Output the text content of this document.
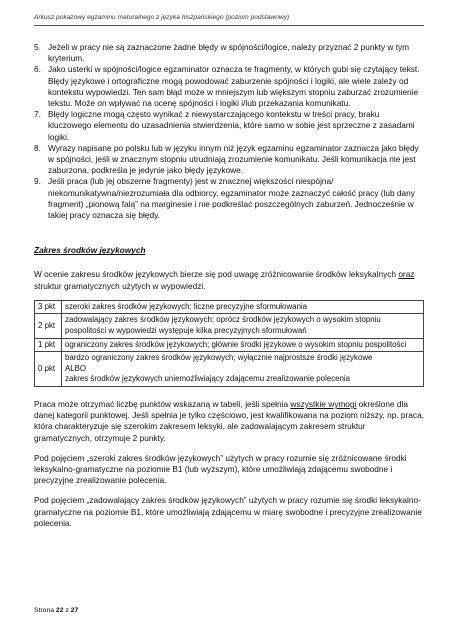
Arkusz pokazowy egzaminu maturalnego z języka hiszpańskiego (poziom podstawowy)
5. Jeżeli w pracy nie są zaznaczone żadne błędy w spójności/logice, należy przyznać 2 punkty w tym kryterium.
6. Jako usterki w spójności/logice egzaminator oznacza te fragmenty, w których gubi się czytający tekst. Błędy językowe i ortograficzne mogą powodować zaburzenie spójności i logiki, ale wiele zależy od kontekstu wypowiedzi. Ten sam błąd może w mniejszym lub większym stopniu zaburzać zrozumienie tekstu. Może on wpływać na ocenę spójności i logiki i/lub przekazania komunikatu.
7. Błędy logiczne mogą często wynikać z niewystarczającego kontekstu w treści pracy, braku kluczowego elementu do uzasadnienia stwierdzenia, które samo w sobie jest sprzeczne z zasadami logiki.
8. Wyrazy napisane po polsku lub w języku innym niż język egzaminu egzaminator zaznacza jako błędy w spójności, jeśli w znacznym stopniu utrudniają zrozumienie komunikatu. Jeśli komunikacja nie jest zaburzona, podkreśla je jedynie jako błędy językowe.
9. Jeśli praca (lub jej obszerne fragmenty) jest w znacznej większości niespójna/ niekomunikatywna/niezrozumiała dla odbiorcy, egzaminator może zaznaczyć całość pracy (lub dany fragment) „pionową falą” na marginesie i nie podkreślać poszczególnych zaburzeń. Jednocześnie w takiej pracy oznacza się błędy.
Zakres środków językowych
W ocenie zakresu środków językowych bierze się pod uwagę zróżnicowanie środków leksykalnych oraz struktur gramatycznych użytych w wypowiedzi.
3 pkt	szeroki zakres środków językowych; liczne precyzyjne sformułowania

2 pkt	zadowalający zakres środków językowych; oprócz środków językowych o wysokim stopniu pospolitości w wypowiedzi występuje kilka precyzyjnych sformułowań

1 pkt	ograniczony zakres środków językowych; głównie środki językowe o wysokim stopniu pospolitości

0 pkt	bardzo ograniczony zakres środków językowych; wyłącznie najprostsze środki językowe
ALBO
zakres środków językowych uniemożliwiający zdającemu zrealizowanie polecenia
Praca może otrzymać liczbę punktów wskazaną w tabeli, jeśli spełnia wszystkie wymogi określone dla danej kategorii punktowej. Jeśli spełnia je tylko częściowo, jest kwalifikowana na poziom niższy, np. praca, która charakteryzuje się szerokim zakresem leksyki, ale zadowalającym zakresem struktur gramatycznych, otrzymuje 2 punkty.
Pod pojęciem „szeroki zakres środków językowych” użytych w pracy rozumie się zróżnicowane środki leksykalno-gramatyczne na poziomie B1 (lub wyższym), które umożliwiają zdającemu swobodne i precyzyjne zrealizowanie polecenia.
Pod pojęciem „zadowalający zakres środków językowych” użytych w pracy rozumie się środki leksykalno-gramatyczne na poziomie B1, które umożliwiają zdającemu w miarę swobodne i precyzyjne zrealizowanie polecenia.
Strona 22 z 27
